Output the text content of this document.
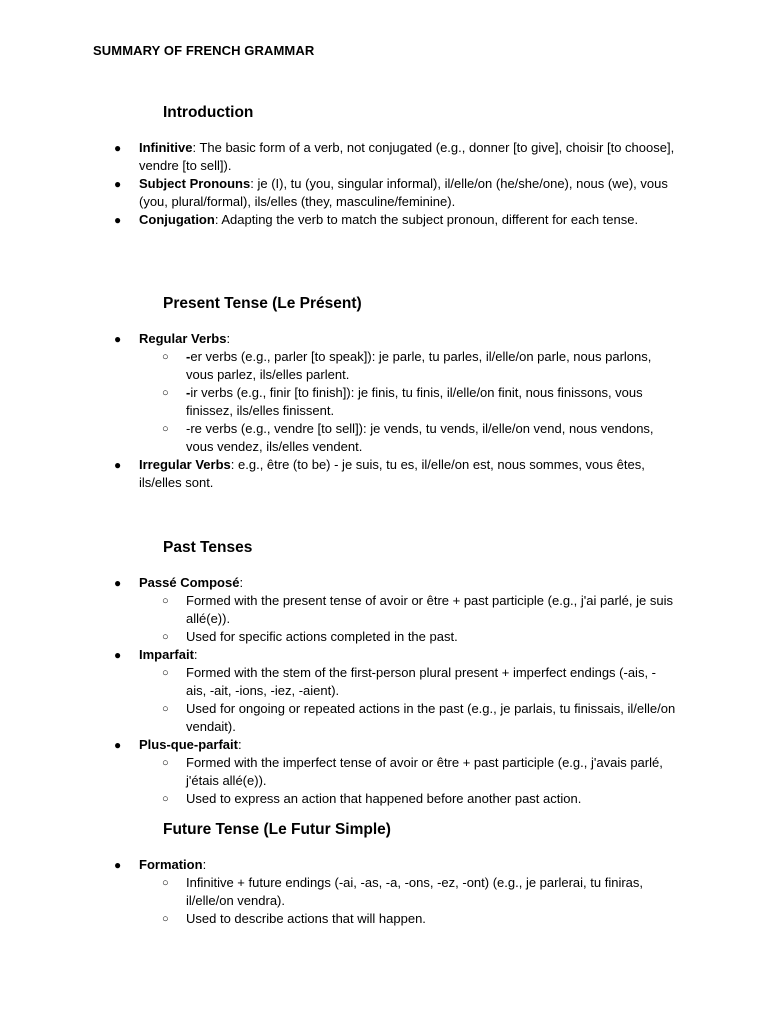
SUMMARY OF FRENCH GRAMMAR
Introduction
● Infinitive: The basic form of a verb, not conjugated (e.g., donner [to give], choisir [to choose], vendre [to sell]).
● Subject Pronouns: je (I), tu (you, singular informal), il/elle/on (he/she/one), nous (we), vous (you, plural/formal), ils/elles (they, masculine/feminine).
● Conjugation: Adapting the verb to match the subject pronoun, different for each tense.
Present Tense (Le Présent)
● Regular Verbs:
○ -er verbs (e.g., parler [to speak]): je parle, tu parles, il/elle/on parle, nous parlons, vous parlez, ils/elles parlent.
○ -ir verbs (e.g., finir [to finish]): je finis, tu finis, il/elle/on finit, nous finissons, vous finissez, ils/elles finissent.
○ -re verbs (e.g., vendre [to sell]): je vends, tu vends, il/elle/on vend, nous vendons, vous vendez, ils/elles vendent.
● Irregular Verbs: e.g., être (to be) - je suis, tu es, il/elle/on est, nous sommes, vous êtes, ils/elles sont.
Past Tenses
● Passé Composé:
○ Formed with the present tense of avoir or être + past participle (e.g., j'ai parlé, je suis allé(e)).
○ Used for specific actions completed in the past.
● Imparfait:
○ Formed with the stem of the first-person plural present + imperfect endings (-ais, -ais, -ait, -ions, -iez, -aient).
○ Used for ongoing or repeated actions in the past (e.g., je parlais, tu finissais, il/elle/on vendait).
● Plus-que-parfait:
○ Formed with the imperfect tense of avoir or être + past participle (e.g., j'avais parlé, j'étais allé(e)).
○ Used to express an action that happened before another past action.
Future Tense (Le Futur Simple)
● Formation:
○ Infinitive + future endings (-ai, -as, -a, -ons, -ez, -ont) (e.g., je parlerai, tu finiras, il/elle/on vendra).
○ Used to describe actions that will happen.
